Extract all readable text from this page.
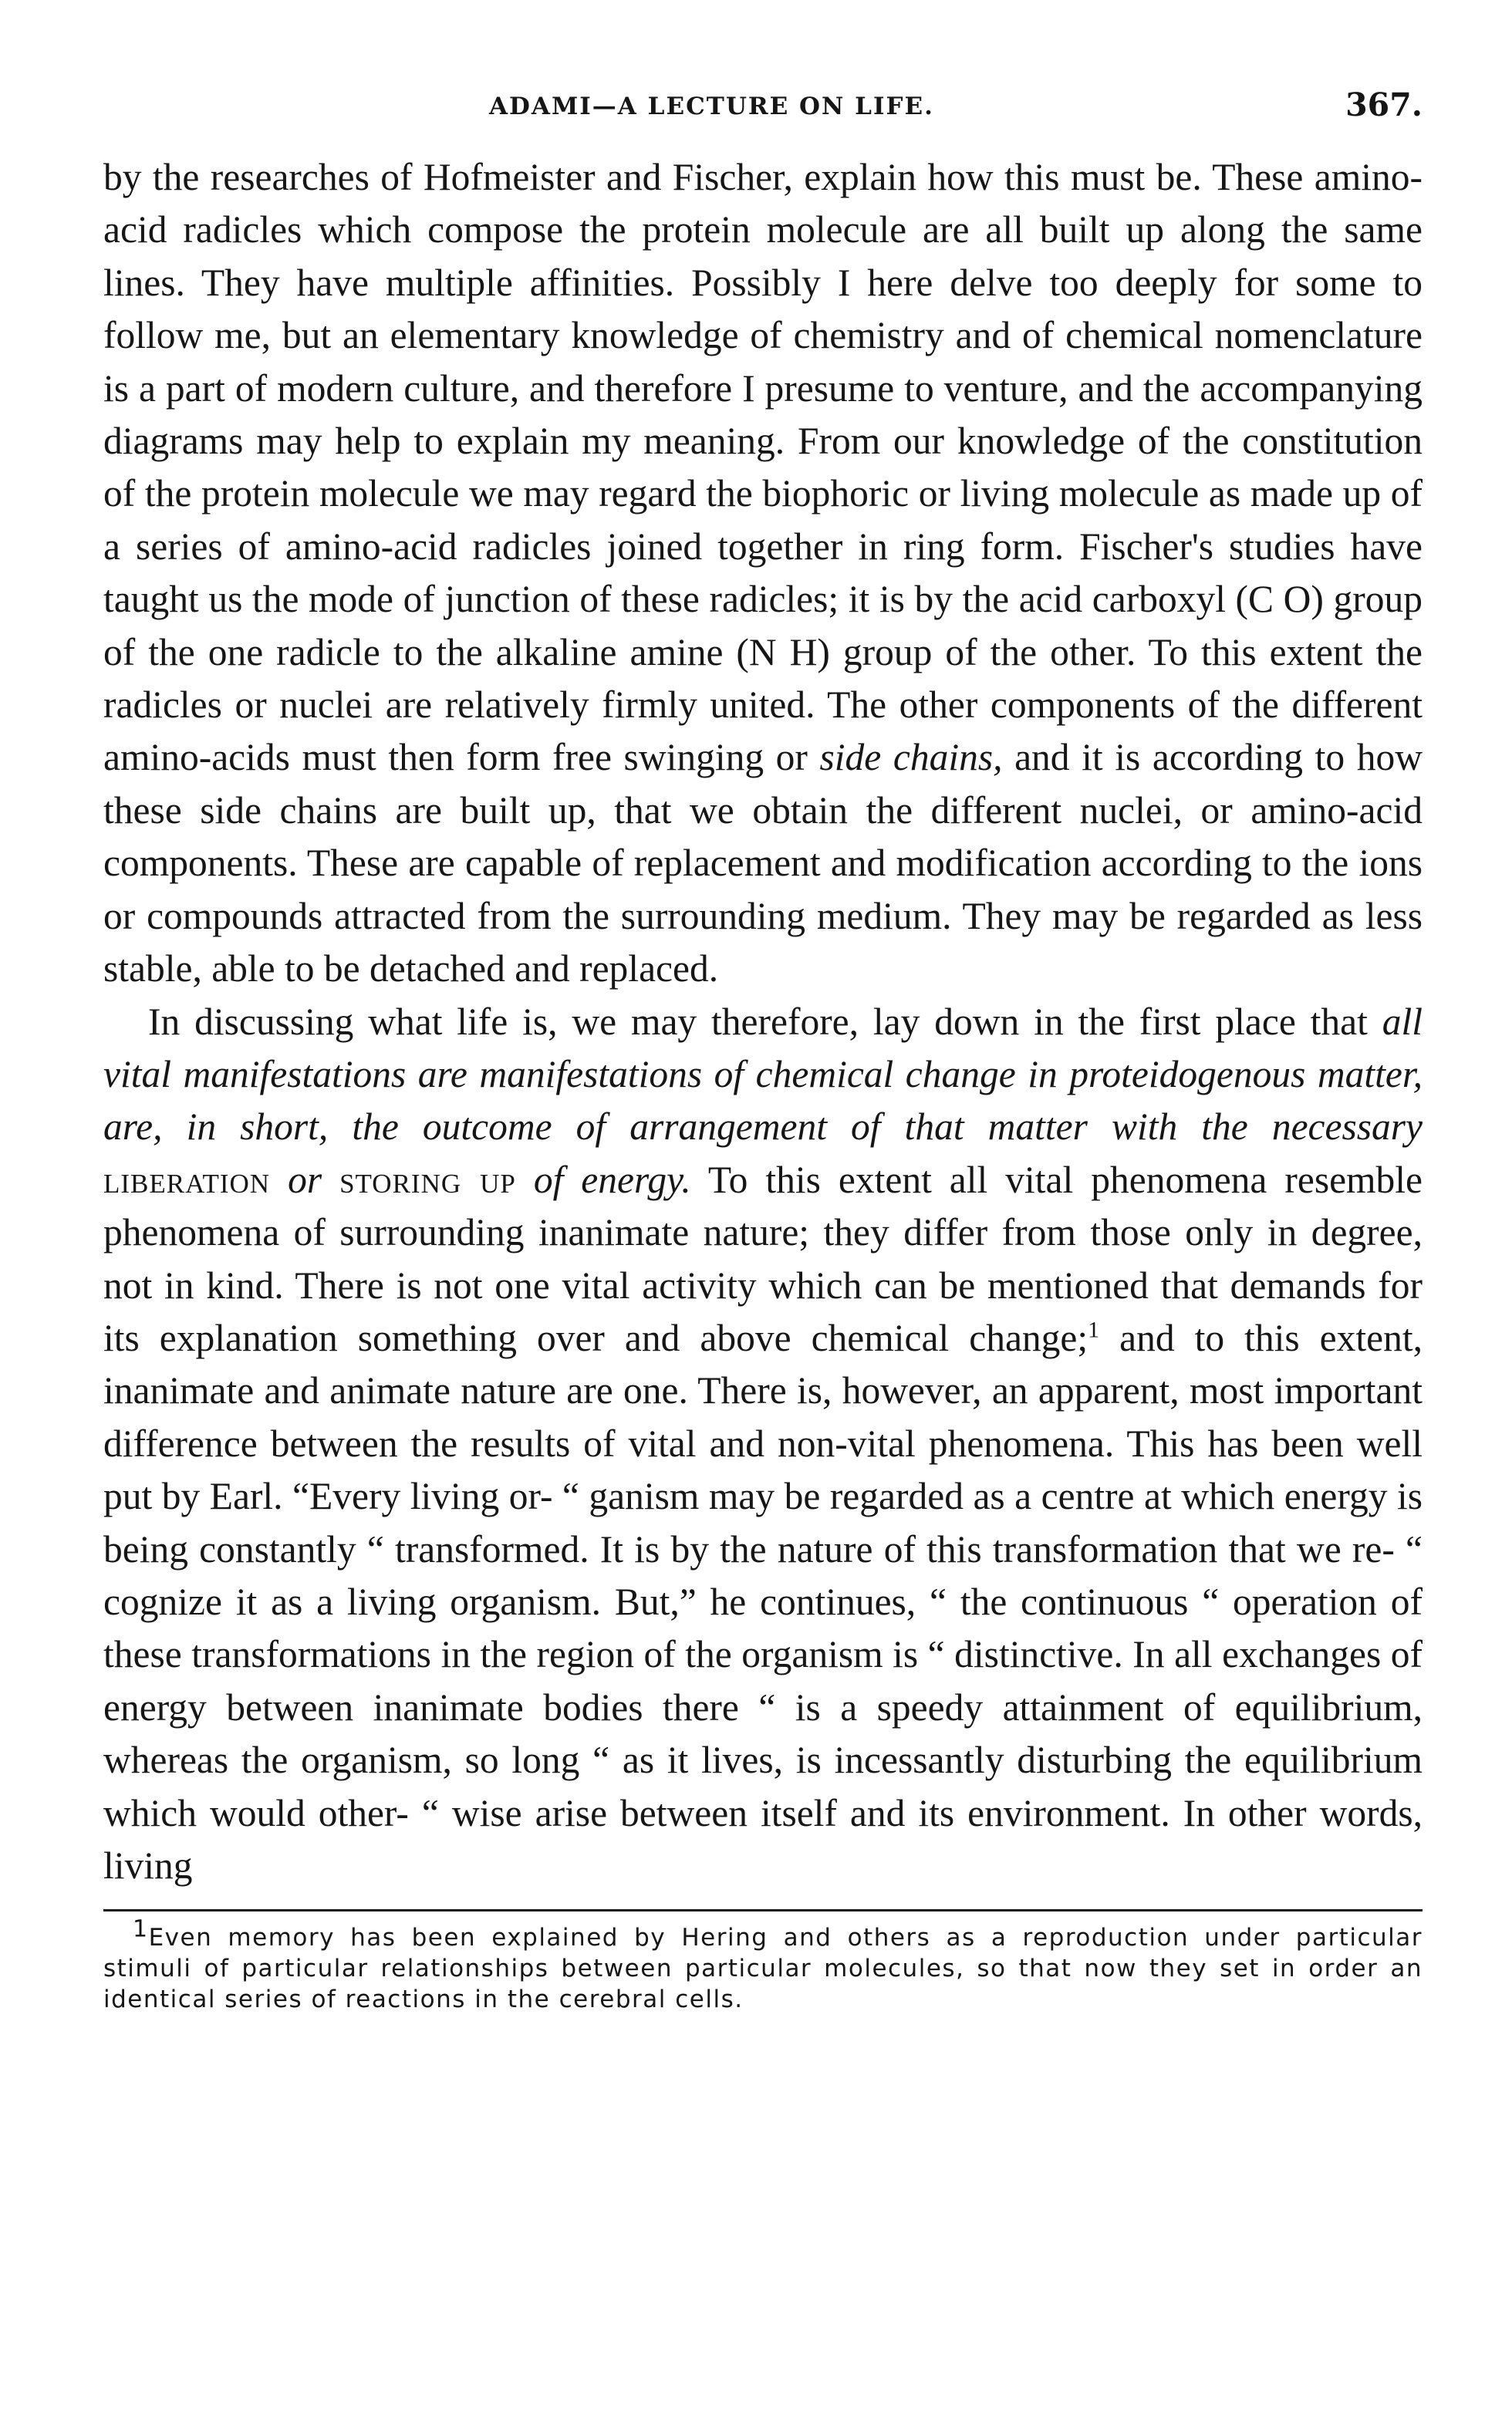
ADAMI—A LECTURE ON LIFE.	367.

by the researches of Hofmeister and Fischer, explain how this must be. These amino-acid radicles which compose the protein molecule are all built up along the same lines. They have multiple affinities. Possibly I here delve too deeply for some to follow me, but an elementary knowledge of chemistry and of chemical nomenclature is a part of modern culture, and therefore I presume to venture, and the accompanying diagrams may help to explain my meaning. From our knowledge of the constitution of the protein molecule we may regard the biophoric or living molecule as made up of a series of amino-acid radicles joined together in ring form. Fischer's studies have taught us the mode of junction of these radicles; it is by the acid carboxyl (C O) group of the one radicle to the alkaline amine (N H) group of the other. To this extent the radicles or nuclei are relatively firmly united. The other components of the different amino-acids must then form free swinging or side chains, and it is according to how these side chains are built up, that we obtain the different nuclei, or amino-acid components. These are capable of replacement and modification according to the ions or compounds attracted from the surrounding medium. They may be regarded as less stable, able to be detached and replaced.

In discussing what life is, we may therefore, lay down in the first place that all vital manifestations are manifestations of chemical change in proteidogenous matter, are, in short, the outcome of arrangement of that matter with the necessary liberation or storing up of energy. To this extent all vital phenomena resemble phenomena of surrounding inanimate nature; they differ from those only in degree, not in kind. There is not one vital activity which can be mentioned that demands for its explanation something over and above chemical change;$^1$ and to this extent, inanimate and animate nature are one. There is, however, an apparent, most important difference between the results of vital and non-vital phenomena. This has been well put by Earl. “Every living or- “ ganism may be regarded as a centre at which energy is being constantly “ transformed. It is by the nature of this transformation that we re- “ cognize it as a living organism. But,” he continues, “ the continuous “ operation of these transformations in the region of the organism is “ distinctive. In all exchanges of energy between inanimate bodies there “ is a speedy attainment of equilibrium, whereas the organism, so long “ as it lives, is incessantly disturbing the equilibrium which would other- “ wise arise between itself and its environment. In other words, living

1Even memory has been explained by Hering and others as a reproduction under particular stimuli of particular relationships between particular molecules, so that now they set in order an identical series of reactions in the cerebral cells.
